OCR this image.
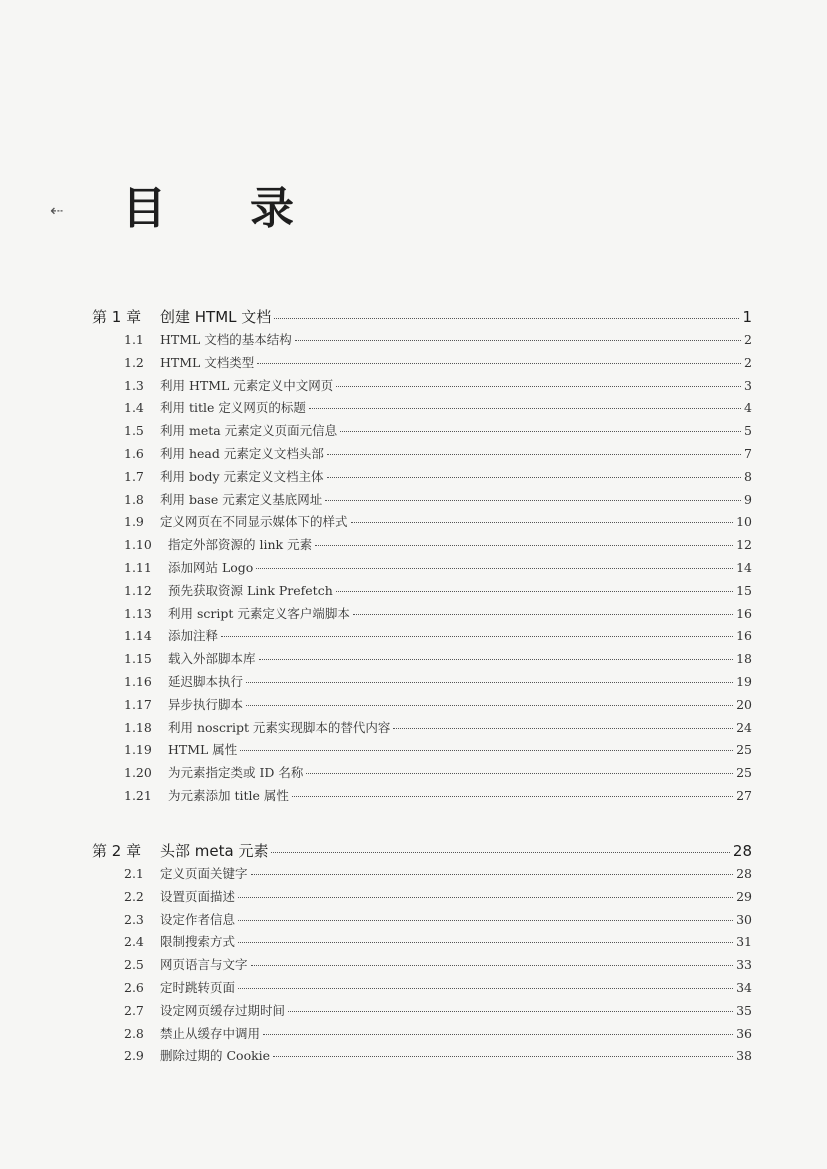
⇠ 目 录
第 1 章	创建 HTML 文档	1
1.1	HTML 文档的基本结构	2
1.2	HTML 文档类型	2
1.3	利用 HTML 元素定义中文网页	3
1.4	利用 title 定义网页的标题	4
1.5	利用 meta 元素定义页面元信息	5
1.6	利用 head 元素定义文档头部	7
1.7	利用 body 元素定义文档主体	8
1.8	利用 base 元素定义基底网址	9
1.9	定义网页在不同显示媒体下的样式	10
1.10	指定外部资源的 link 元素	12
1.11	添加网站 Logo	14
1.12	预先获取资源 Link Prefetch	15
1.13	利用 script 元素定义客户端脚本	16
1.14	添加注释	16
1.15	载入外部脚本库	18
1.16	延迟脚本执行	19
1.17	异步执行脚本	20
1.18	利用 noscript 元素实现脚本的替代内容	24
1.19	HTML 属性	25
1.20	为元素指定类或 ID 名称	25
1.21	为元素添加 title 属性	27
第 2 章	头部 meta 元素	28
2.1	定义页面关键字	28
2.2	设置页面描述	29
2.3	设定作者信息	30
2.4	限制搜索方式	31
2.5	网页语言与文字	33
2.6	定时跳转页面	34
2.7	设定网页缓存过期时间	35
2.8	禁止从缓存中调用	36
2.9	删除过期的 Cookie	38
